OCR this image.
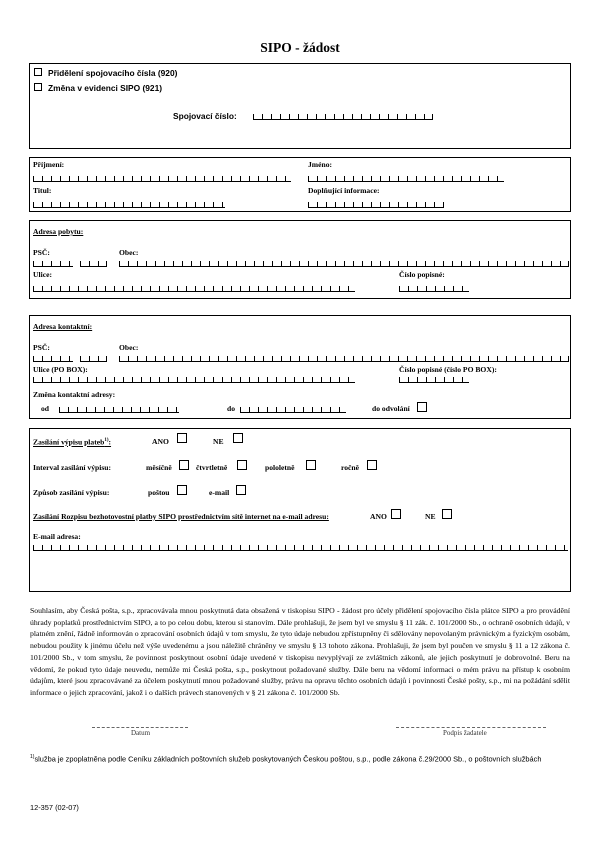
SIPO - žádost
Přidělení spojovacího čísla (920)
Změna v evidenci SIPO (921)
Spojovací číslo:
Příjmení:	Jméno:
Titul:	Doplňující informace:
Adresa pobytu:
PSČ:	Obec:
Ulice:	Číslo popisné:
Adresa kontaktní:
PSČ:	Obec:
Ulice (PO BOX):	Číslo popisné (číslo PO BOX):
Změna kontaktní adresy:
od	do	do odvolání
Zasílání výpisu plateb$^{1)}$:	ANO	NE
Interval zasílání výpisu:	měsíčně	čtvrtletně	pololetně	ročně
Způsob zasílání výpisu:	poštou	e-mail
Zasílání Rozpisu bezhotovostní platby SIPO prostřednictvím sítě internet na e-mail adresu:	ANO	NE
E-mail adresa:
Souhlasím, aby Česká pošta, s.p., zpracovávala mnou poskytnutá data obsažená v tiskopisu SIPO - žádost pro účely přidělení spojovacího čísla plátce SIPO a pro provádění úhrady poplatků prostřednictvím SIPO, a to po celou dobu, kterou si stanovím. Dále prohlašuji, že jsem byl ve smyslu § 11 zák. č. 101/2000 Sb., o ochraně osobních údajů, v platném znění, řádně informován o zpracování osobních údajů v tom smyslu, že tyto údaje nebudou zpřístupněny či sdělovány nepovolaným právnickým a fyzickým osobám, nebudou použity k jinému účelu než výše uvedenému a jsou náležitě chráněny ve smyslu § 13 tohoto zákona. Prohlašuji, že jsem byl poučen ve smyslu § 11 a 12 zákona č. 101/2000 Sb., v tom smyslu, že povinnost poskytnout osobní údaje uvedené v tiskopisu nevyplývají ze zvláštních zákonů, ale jejich poskytnutí je dobrovolné. Beru na vědomí, že pokud tyto údaje neuvedu, nemůže mi Česká pošta, s.p., poskytnout požadované služby. Dále beru na vědomí informaci o mém právu na přístup k osobním údajům, které jsou zpracovávané za účelem poskytnutí mnou požadované služby, právu na opravu těchto osobních údajů i povinnosti České pošty, s.p., mi na požádání sdělit informace o jejich zpracování, jakož i o dalších právech stanovených v § 21 zákona č. 101/2000 Sb.
Datum	Podpis žadatele
$^{1)}$služba je zpoplatněna podle Ceníku základních poštovních služeb poskytovaných Českou poštou, s.p., podle zákona č.29/2000 Sb., o poštovních službách
12-357 (02-07)
